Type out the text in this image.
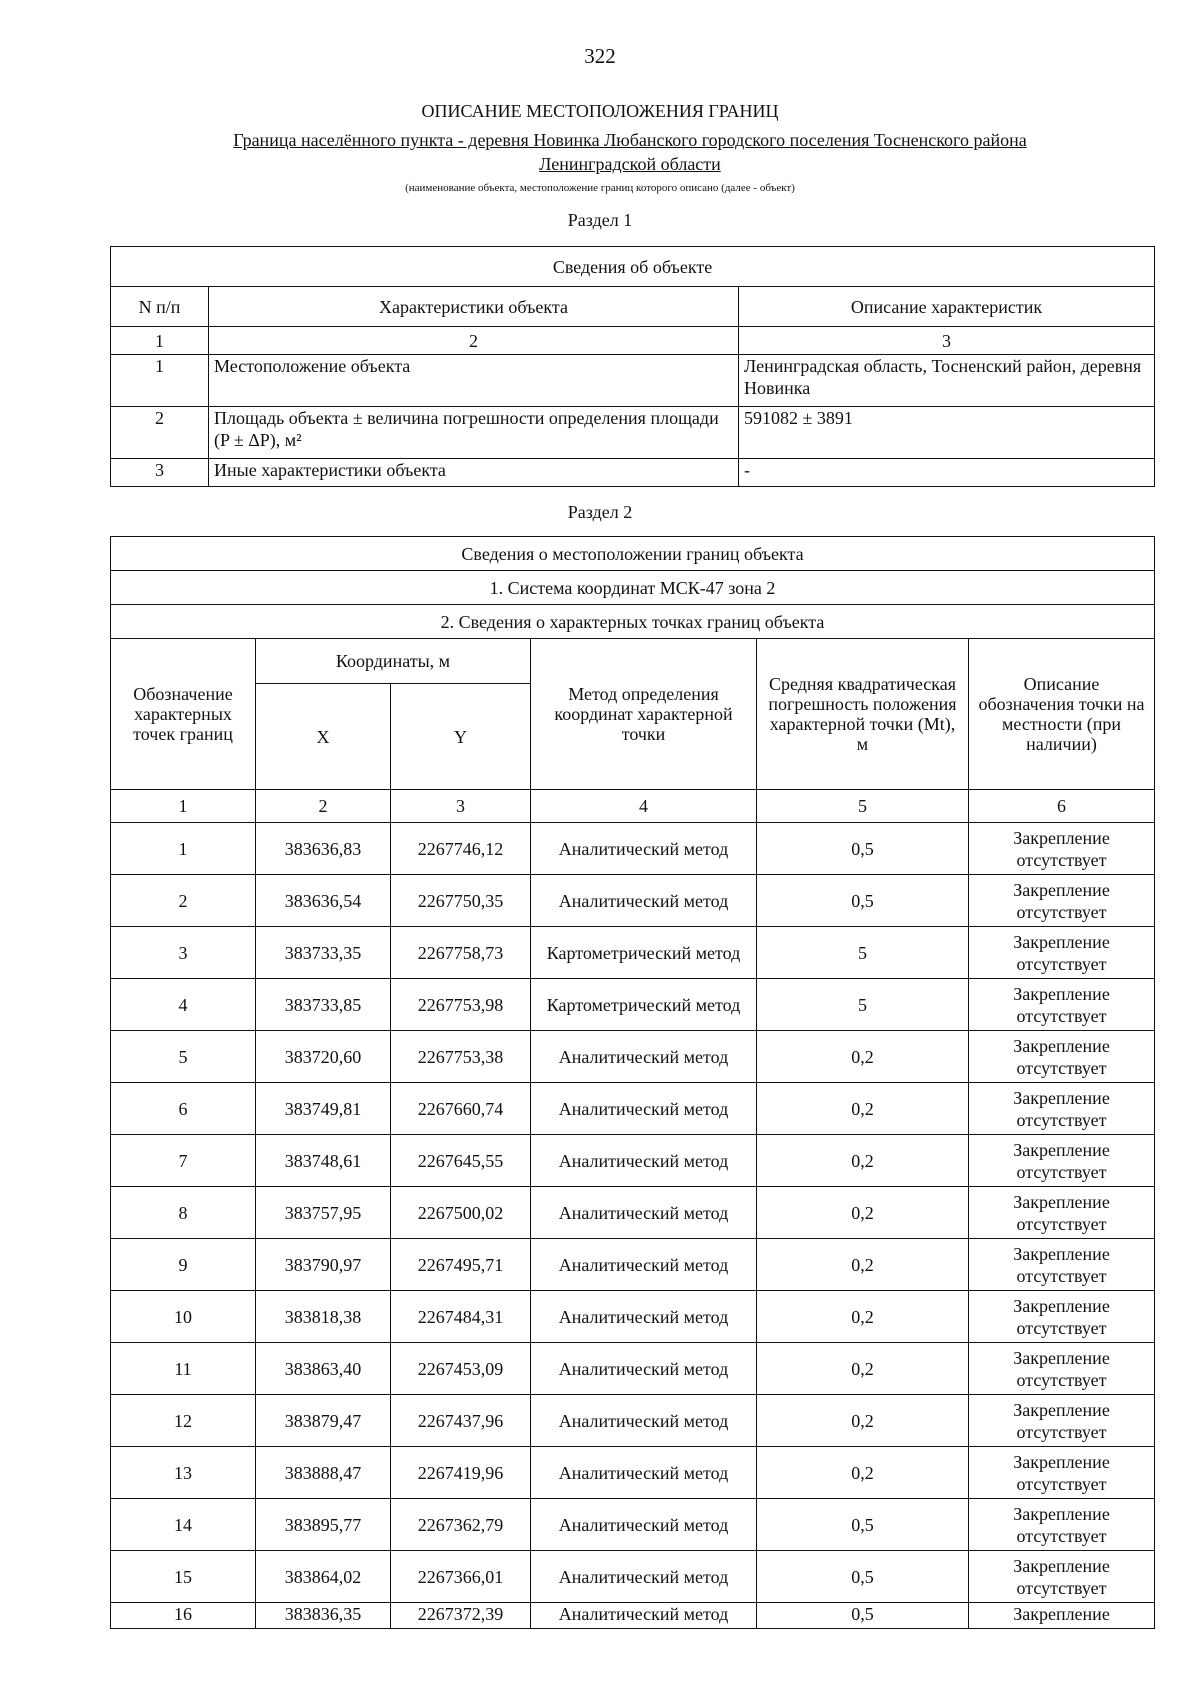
322
ОПИСАНИЕ МЕСТОПОЛОЖЕНИЯ ГРАНИЦ
Граница населённого пункта - деревня Новинка Любанского городского поселения Тосненского района
Ленинградской области
(наименование объекта, местоположение границ которого описано (далее - объект)
Раздел 1
Сведения об объекте		
N п/п	Характеристики объекта	Описание характеристик
1	2	3
1	Местоположение объекта	Ленинградская область, Тосненский район, деревня Новинка
2	Площадь объекта ± величина погрешности определения площади (P ± ΔP), м²	591082 ± 3891
3	Иные характеристики объекта	-
Раздел 2
Сведения о местоположении границ объекта					
1. Система координат МСК-47 зона 2					
2. Сведения о характерных точках границ объекта					
Обозначение характерных точек границ	Координаты, м		Метод определения координат характерной точки	Средняя квадратическая погрешность положения характерной точки (Mt), м	Описание обозначения точки на местности (при наличии)
	X	Y			
1	2	3	4	5	6
1	383636,83	2267746,12	Аналитический метод	0,5	Закрепление отсутствует
2	383636,54	2267750,35	Аналитический метод	0,5	Закрепление отсутствует
3	383733,35	2267758,73	Картометрический метод	5	Закрепление отсутствует
4	383733,85	2267753,98	Картометрический метод	5	Закрепление отсутствует
5	383720,60	2267753,38	Аналитический метод	0,2	Закрепление отсутствует
6	383749,81	2267660,74	Аналитический метод	0,2	Закрепление отсутствует
7	383748,61	2267645,55	Аналитический метод	0,2	Закрепление отсутствует
8	383757,95	2267500,02	Аналитический метод	0,2	Закрепление отсутствует
9	383790,97	2267495,71	Аналитический метод	0,2	Закрепление отсутствует
10	383818,38	2267484,31	Аналитический метод	0,2	Закрепление отсутствует
11	383863,40	2267453,09	Аналитический метод	0,2	Закрепление отсутствует
12	383879,47	2267437,96	Аналитический метод	0,2	Закрепление отсутствует
13	383888,47	2267419,96	Аналитический метод	0,2	Закрепление отсутствует
14	383895,77	2267362,79	Аналитический метод	0,5	Закрепление отсутствует
15	383864,02	2267366,01	Аналитический метод	0,5	Закрепление отсутствует
16	383836,35	2267372,39	Аналитический метод	0,5	Закрепление
